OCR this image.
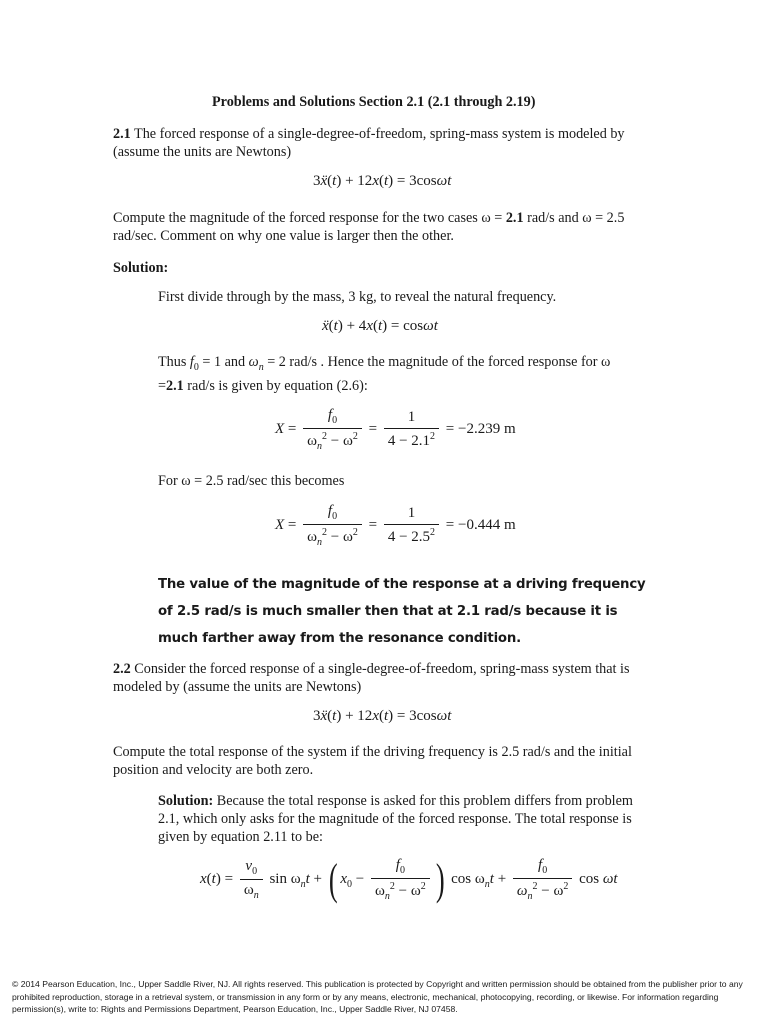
Problems and Solutions Section 2.1 (2.1 through 2.19)

2.1 The forced response of a single-degree-of-freedom, spring-mass system is modeled by (assume the units are Newtons)

3ẍ(t) + 12x(t) = 3cosωt

Compute the magnitude of the forced response for the two cases ω = 2.1 rad/s and ω = 2.5 rad/sec. Comment on why one value is larger then the other.

Solution:

First divide through by the mass, 3 kg, to reveal the natural frequency.

ẍ(t) + 4x(t) = cosωt

Thus $f_0 = 1$ and $\omega_n = 2$ rad/s . Hence the magnitude of the forced response for ω
=2.1 rad/s is given by equation (2.6):

$X = \frac{f_0}{\omega_n^2 - \omega^2} = \frac{1}{4 - 2.1^2} = -2.239$ m

For ω = 2.5 rad/sec this becomes

$X = \frac{f_0}{\omega_n^2 - \omega^2} = \frac{1}{4 - 2.5^2} = -0.444$ m

The value of the magnitude of the response at a driving frequency of 2.5 rad/s is much smaller then that at 2.1 rad/s because it is much farther away from the resonance condition.

2.2 Consider the forced response of a single-degree-of-freedom, spring-mass system that is modeled by (assume the units are Newtons)

3ẍ(t) + 12x(t) = 3cosωt

Compute the total response of the system if the driving frequency is 2.5 rad/s and the initial position and velocity are both zero.

Solution: Because the total response is asked for this problem differs from problem 2.1, which only asks for the magnitude of the forced response. The total response is given by equation 2.11 to be:

$x(t) = \frac{v_0}{\omega_n}$ $\sin \omega_nt$ + ( $x_0 - \frac{f_0}{\omega_n^2 - \omega^2}$ ) $\cos \omega_nt + \frac{f_0}{\omega_n^2 - \omega^2}$ cos ωt
© 2014 Pearson Education, Inc., Upper Saddle River, NJ. All rights reserved. This publication is protected by Copyright and written permission should be obtained from the publisher prior to any prohibited reproduction, storage in a retrieval system, or transmission in any form or by any means, electronic, mechanical, photocopying, recording, or likewise. For information regarding permission(s), write to: Rights and Permissions Department, Pearson Education, Inc., Upper Saddle River, NJ 07458.
